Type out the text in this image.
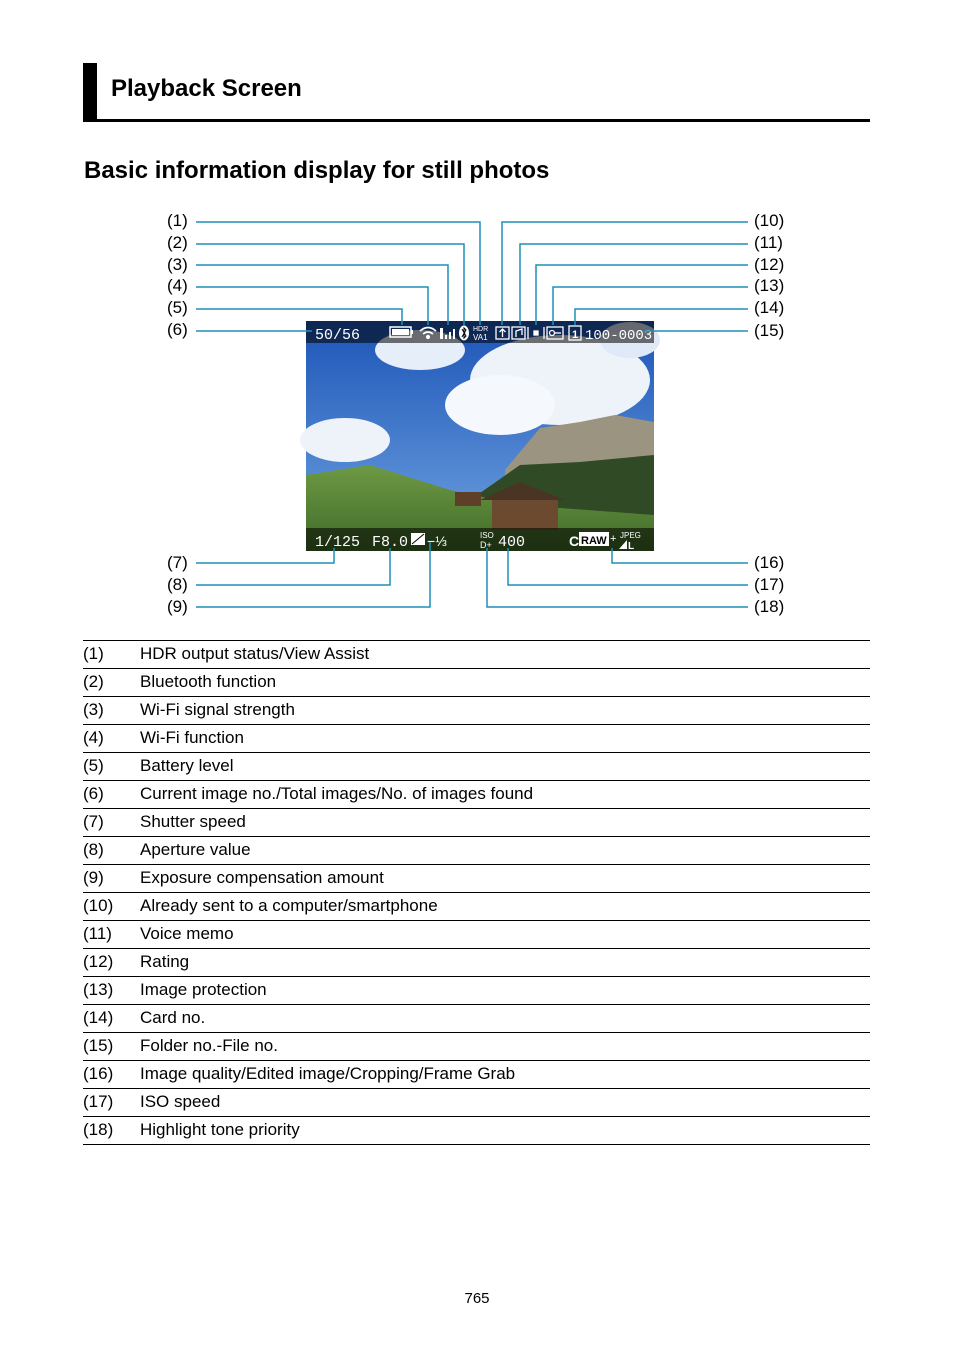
Playback Screen
Basic information display for still photos
50/56	HDR
VA1	1 100-0003
1/125 F8.0 −⅓	ISO
D+ 400	C RAW + JPEG
L
(1)
(2)
(3)
(4)
(5)
(6)
(7)
(8)
(9)
(10)
(11)
(12)
(13)
(14)
(15)
(16)
(17)
(18)
(1) HDR output status/View Assist
(2) Bluetooth function
(3) Wi-Fi signal strength
(4) Wi-Fi function
(5) Battery level
(6) Current image no./Total images/No. of images found
(7) Shutter speed
(8) Aperture value
(9) Exposure compensation amount
(10) Already sent to a computer/smartphone
(11) Voice memo
(12) Rating
(13) Image protection
(14) Card no.
(15) Folder no.-File no.
(16) Image quality/Edited image/Cropping/Frame Grab
(17) ISO speed
(18) Highlight tone priority
765
